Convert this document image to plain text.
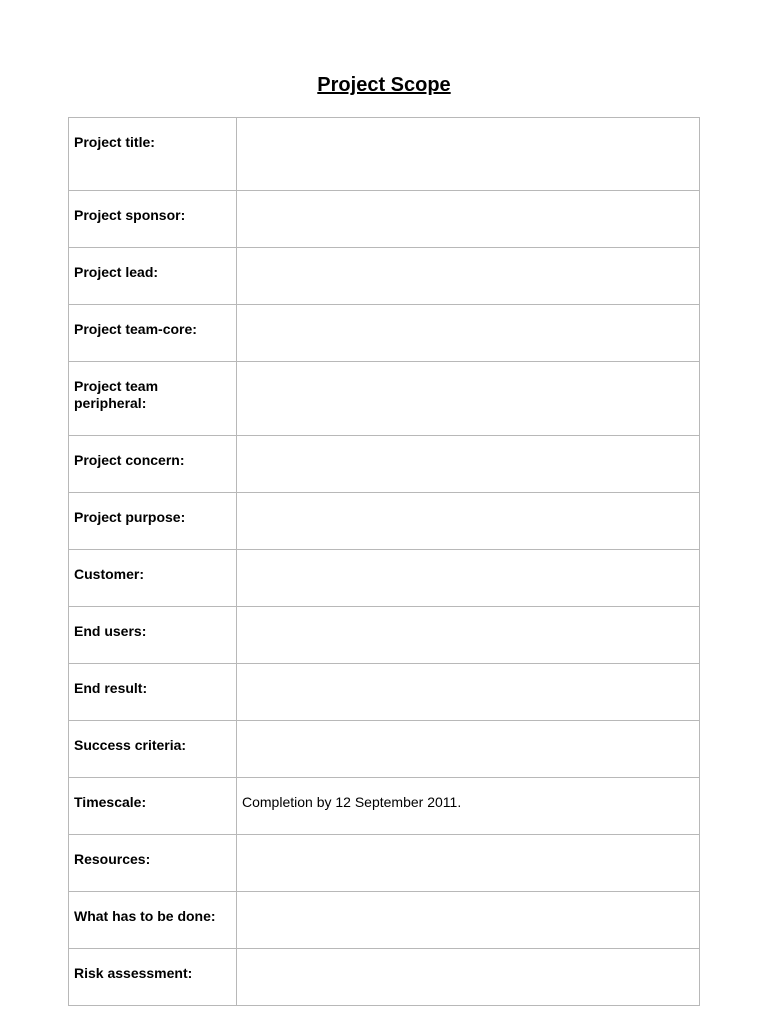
Project Scope
Project title:	

Project sponsor:	

Project lead:	

Project team-core:	

Project team peripheral:	

Project concern:	

Project purpose:	

Customer:	

End users:	

End result:	

Success criteria:	

Timescale:	Completion by 12 September 2011.

Resources:	

What has to be done:	

Risk assessment:	
